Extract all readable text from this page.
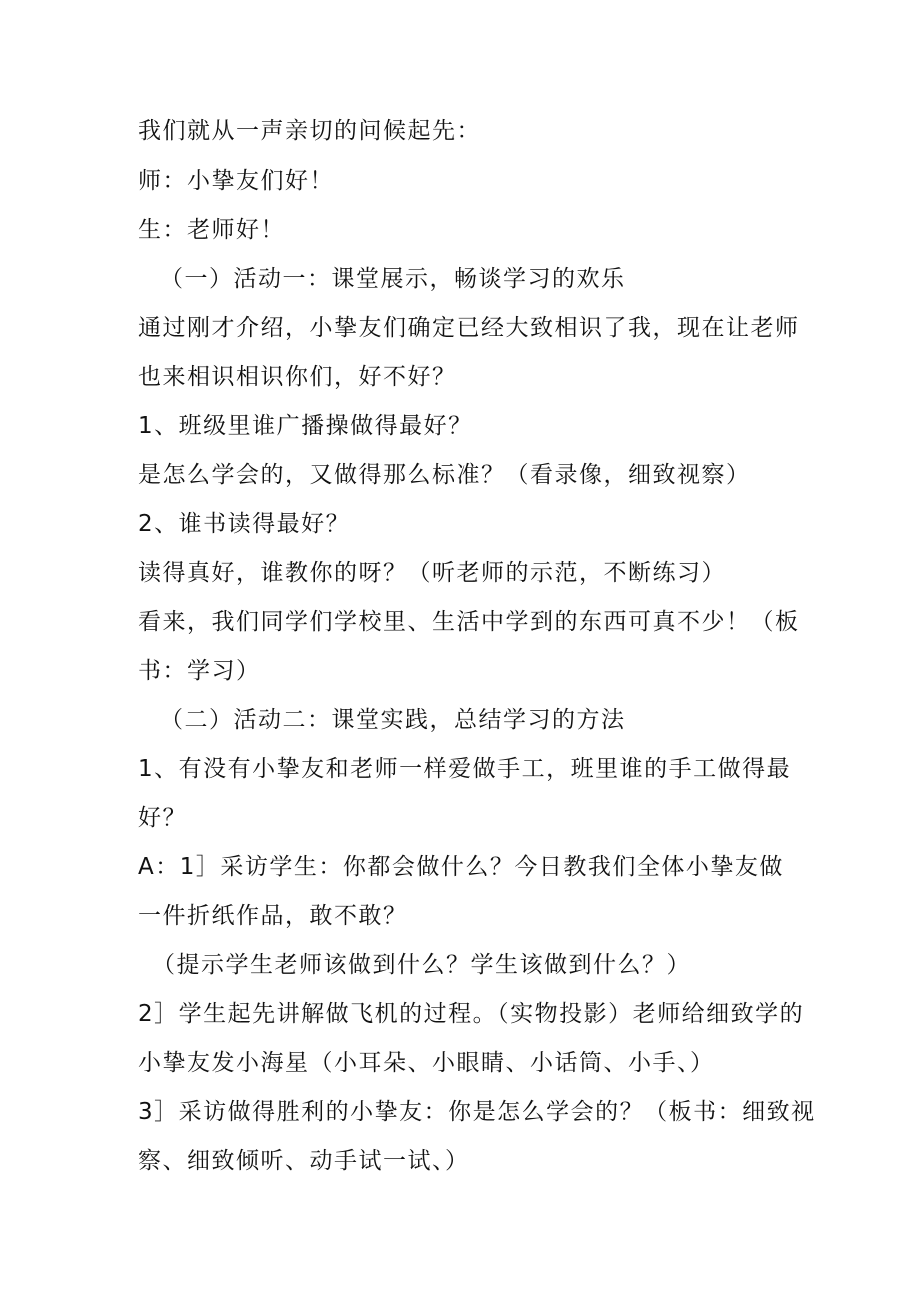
我们就从一声亲切的问候起先：
师：小挚友们好！
生：老师好！
（一）活动一：课堂展示，畅谈学习的欢乐
通过刚才介绍，小挚友们确定已经大致相识了我，现在让老师
也来相识相识你们，好不好？
1、班级里谁广播操做得最好？
是怎么学会的，又做得那么标准？（看录像，细致视察）
2、谁书读得最好？
读得真好，谁教你的呀？（听老师的示范，不断练习）
看来，我们同学们学校里、生活中学到的东西可真不少！（板
书：学习）
（二）活动二：课堂实践，总结学习的方法
1、有没有小挚友和老师一样爱做手工，班里谁的手工做得最
好？
A：1］采访学生：你都会做什么？今日教我们全体小挚友做
一件折纸作品，敢不敢？
（提示学生老师该做到什么？学生该做到什么？）
2］学生起先讲解做飞机的过程。（实物投影）老师给细致学的
小挚友发小海星（小耳朵、小眼睛、小话筒、小手、）
3］采访做得胜利的小挚友：你是怎么学会的？（板书：细致视
察、细致倾听、动手试一试、）
